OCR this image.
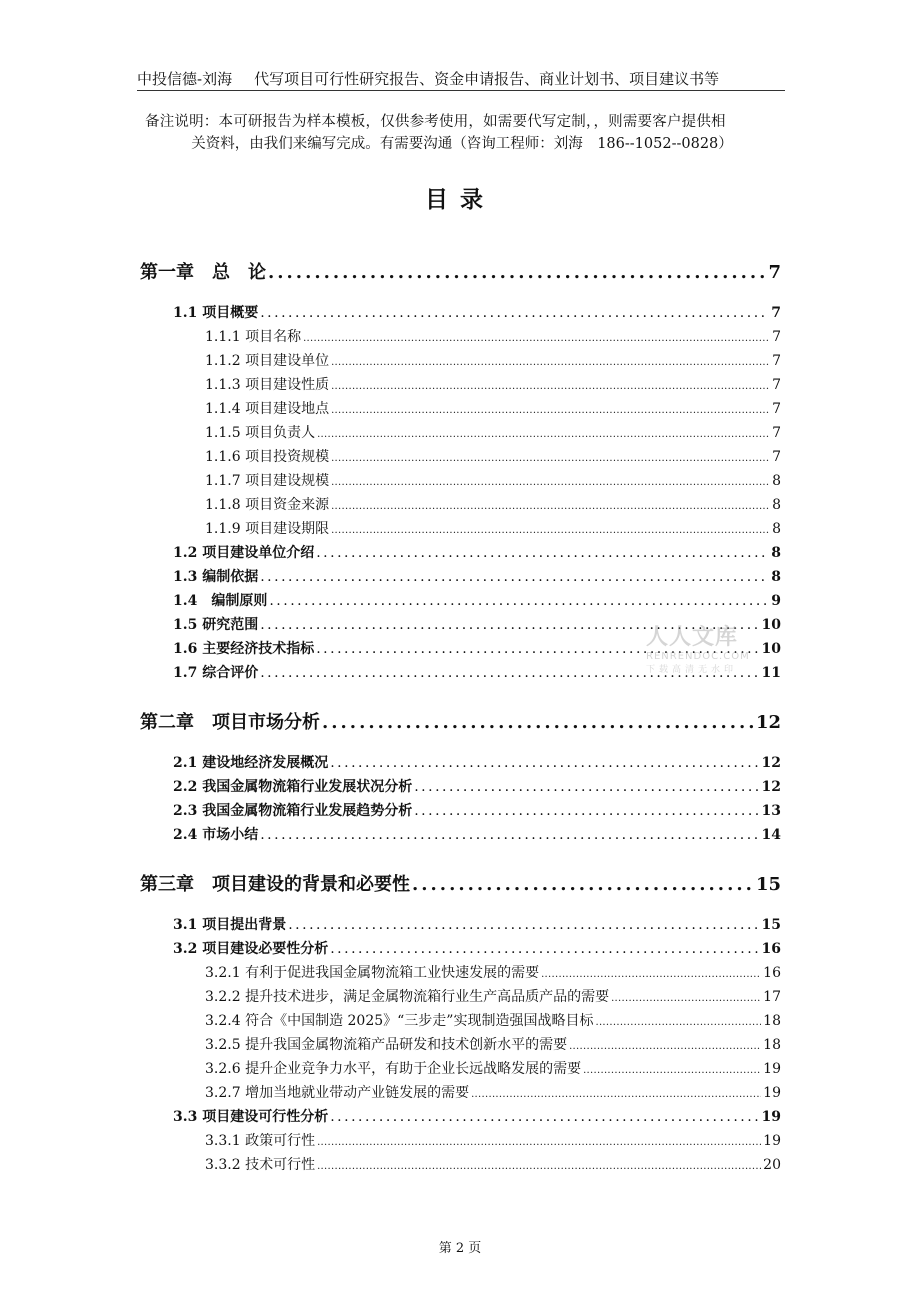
中投信德-刘海 代写项目可行性研究报告、资金申请报告、商业计划书、项目建议书等
备注说明：本可研报告为样本模板，仅供参考使用，如需要代写定制，，则需要客户提供相
关资料，由我们来编写完成。有需要沟通（咨询工程师：刘海　186--1052--0828）
目录
第一章　总　论 .....	7
1.1 项目概要 .....	7
1.1.1 项目名称 .....	7
1.1.2 项目建设单位 .....	7
1.1.3 项目建设性质 .....	7
1.1.4 项目建设地点 .....	7
1.1.5 项目负责人 .....	7
1.1.6 项目投资规模 .....	7
1.1.7 项目建设规模 .....	8
1.1.8 项目资金来源 .....	8
1.1.9 项目建设期限 .....	8
1.2 项目建设单位介绍 .....	8
1.3 编制依据 .....	8
1.4　编制原则 .....	9
1.5 研究范围 .....	10
1.6 主要经济技术指标 .....	10
1.7 综合评价 .....	11
第二章　项目市场分析 .....	12
2.1 建设地经济发展概况 .....	12
2.2 我国金属物流箱行业发展状况分析 .....	12
2.3 我国金属物流箱行业发展趋势分析 .....	13
2.4 市场小结 .....	14
第三章　项目建设的背景和必要性 .....	15
3.1 项目提出背景 .....	15
3.2 项目建设必要性分析 .....	16
3.2.1 有利于促进我国金属物流箱工业快速发展的需要 .....	16
3.2.2 提升技术进步，满足金属物流箱行业生产高品质产品的需要 .....	17
3.2.4 符合《中国制造 2025》“三步走”实现制造强国战略目标 .....	18
3.2.5 提升我国金属物流箱产品研发和技术创新水平的需要 .....	18
3.2.6 提升企业竞争力水平，有助于企业长远战略发展的需要 .....	19
3.2.7 增加当地就业带动产业链发展的需要 .....	19
3.3 项目建设可行性分析 .....	19
3.3.1 政策可行性 .....	19
3.3.2 技术可行性 .....	20
人人文库
RENRENDOC.COM
下载高清无水印
第 2 页
